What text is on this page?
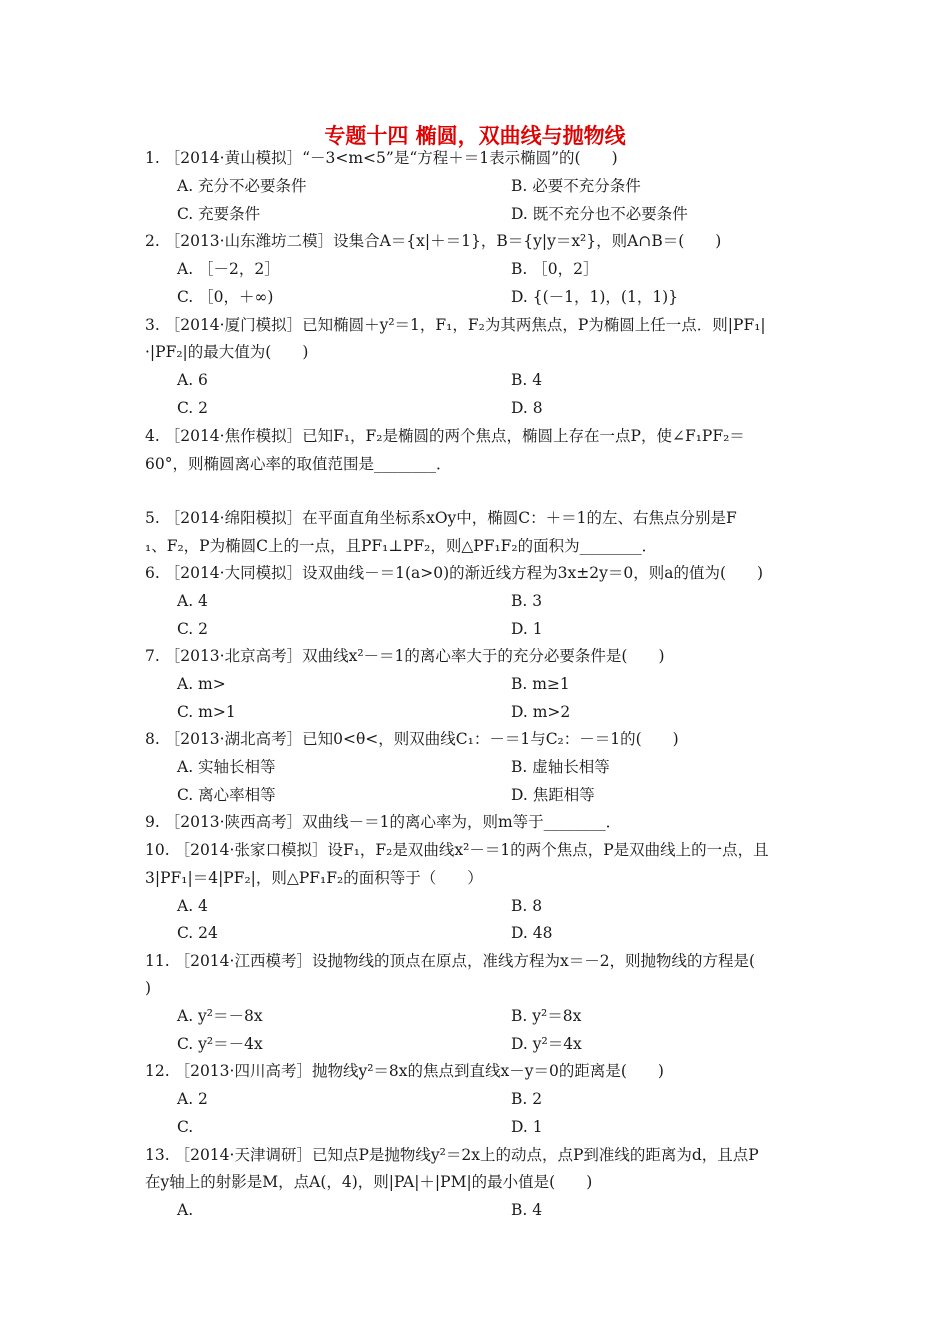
专题十四 椭圆，双曲线与抛物线
1. ［2014·黄山模拟］“－3<m<5”是“方程＋＝1表示椭圆”的(　　)
A. 充分不必要条件	B. 必要不充分条件
C. 充要条件	D. 既不充分也不必要条件
2. ［2013·山东潍坊二模］设集合A＝{x|＋＝1}，B＝{y|y＝x²}，则A∩B＝(　　)
A. ［－2，2］	B. ［0，2］
C. ［0，＋∞)	D. {(－1，1)，(1，1)}
3. ［2014·厦门模拟］已知椭圆＋y²＝1，F₁，F₂为其两焦点，P为椭圆上任一点．则|PF₁|
·|PF₂|的最大值为(　　)
A. 6	B. 4
C. 2	D. 8
4. ［2014·焦作模拟］已知F₁，F₂是椭圆的两个焦点，椭圆上存在一点P，使∠F₁PF₂＝
60°，则椭圆离心率的取值范围是________．
5. ［2014·绵阳模拟］在平面直角坐标系xOy中，椭圆C：＋＝1的左、右焦点分别是F
₁、F₂，P为椭圆C上的一点，且PF₁⊥PF₂，则△PF₁F₂的面积为________．
6. ［2014·大同模拟］设双曲线－＝1(a>0)的渐近线方程为3x±2y＝0，则a的值为(　　)
A. 4	B. 3
C. 2	D. 1
7. ［2013·北京高考］双曲线x²－＝1的离心率大于的充分必要条件是(　　)
A. m>	B. m≥1
C. m>1	D. m>2
8. ［2013·湖北高考］已知0<θ<，则双曲线C₁：－＝1与C₂：－＝1的(　　)
A. 实轴长相等	B. 虚轴长相等
C. 离心率相等	D. 焦距相等
9. ［2013·陕西高考］双曲线－＝1的离心率为，则m等于________．
10. ［2014·张家口模拟］设F₁，F₂是双曲线x²－＝1的两个焦点，P是双曲线上的一点，且
3|PF₁|＝4|PF₂|，则△PF₁F₂的面积等于（　　）
A. 4	B. 8
C. 24	D. 48
11. ［2014·江西模考］设抛物线的顶点在原点，准线方程为x＝－2，则抛物线的方程是(
)
A. y²＝－8x	B. y²＝8x
C. y²＝－4x	D. y²＝4x
12. ［2013·四川高考］抛物线y²＝8x的焦点到直线x－y＝0的距离是(　　)
A. 2	B. 2
C.	D. 1
13. ［2014·天津调研］已知点P是抛物线y²＝2x上的动点，点P到准线的距离为d，且点P
在y轴上的射影是M，点A(，4)，则|PA|＋|PM|的最小值是(　　)
A.	B. 4
